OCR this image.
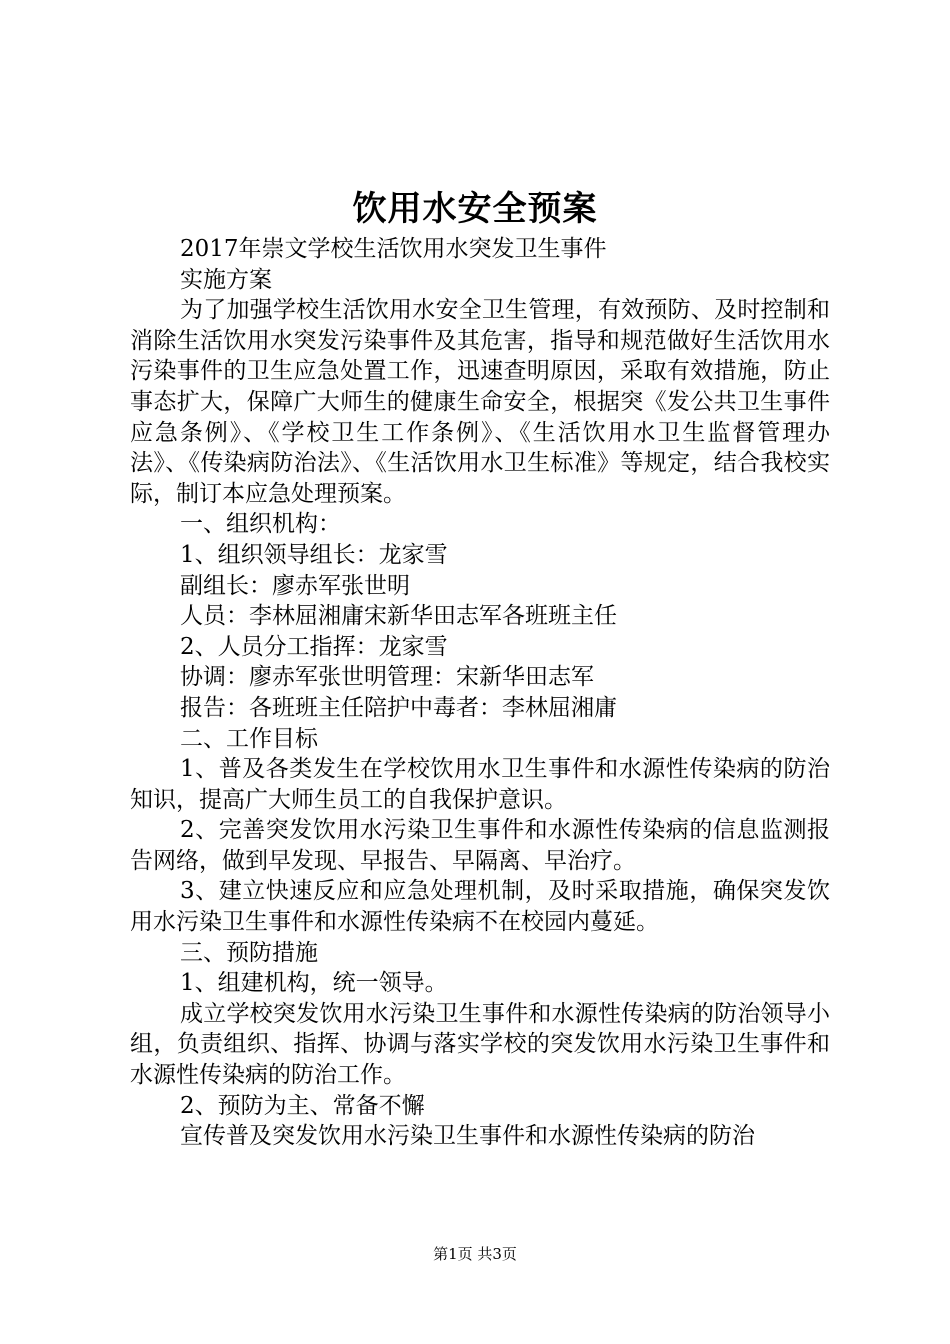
饮用水安全预案

2017年崇文学校生活饮用水突发卫生事件

实施方案

为了加强学校生活饮用水安全卫生管理，有效预防、及时控制和消除生活饮用水突发污染事件及其危害，指导和规范做好生活饮用水污染事件的卫生应急处置工作，迅速查明原因，采取有效措施，防止事态扩大，保障广大师生的健康生命安全，根据突《发公共卫生事件应急条例》、《学校卫生工作条例》、《生活饮用水卫生监督管理办法》、《传染病防治法》、《生活饮用水卫生标准》等规定，结合我校实际，制订本应急处理预案。

一、组织机构：

1、组织领导组长：龙家雪

副组长：廖赤军张世明

人员：李林屈湘庸宋新华田志军各班班主任

2、人员分工指挥：龙家雪

协调：廖赤军张世明管理：宋新华田志军

报告：各班班主任陪护中毒者：李林屈湘庸

二、工作目标

1、普及各类发生在学校饮用水卫生事件和水源性传染病的防治知识，提高广大师生员工的自我保护意识。

2、完善突发饮用水污染卫生事件和水源性传染病的信息监测报告网络，做到早发现、早报告、早隔离、早治疗。

3、建立快速反应和应急处理机制，及时采取措施，确保突发饮用水污染卫生事件和水源性传染病不在校园内蔓延。

三、预防措施

1、组建机构，统一领导。

成立学校突发饮用水污染卫生事件和水源性传染病的防治领导小组，负责组织、指挥、协调与落实学校的突发饮用水污染卫生事件和水源性传染病的防治工作。

2、预防为主、常备不懈

宣传普及突发饮用水污染卫生事件和水源性传染病的防治

第1页 共3页
